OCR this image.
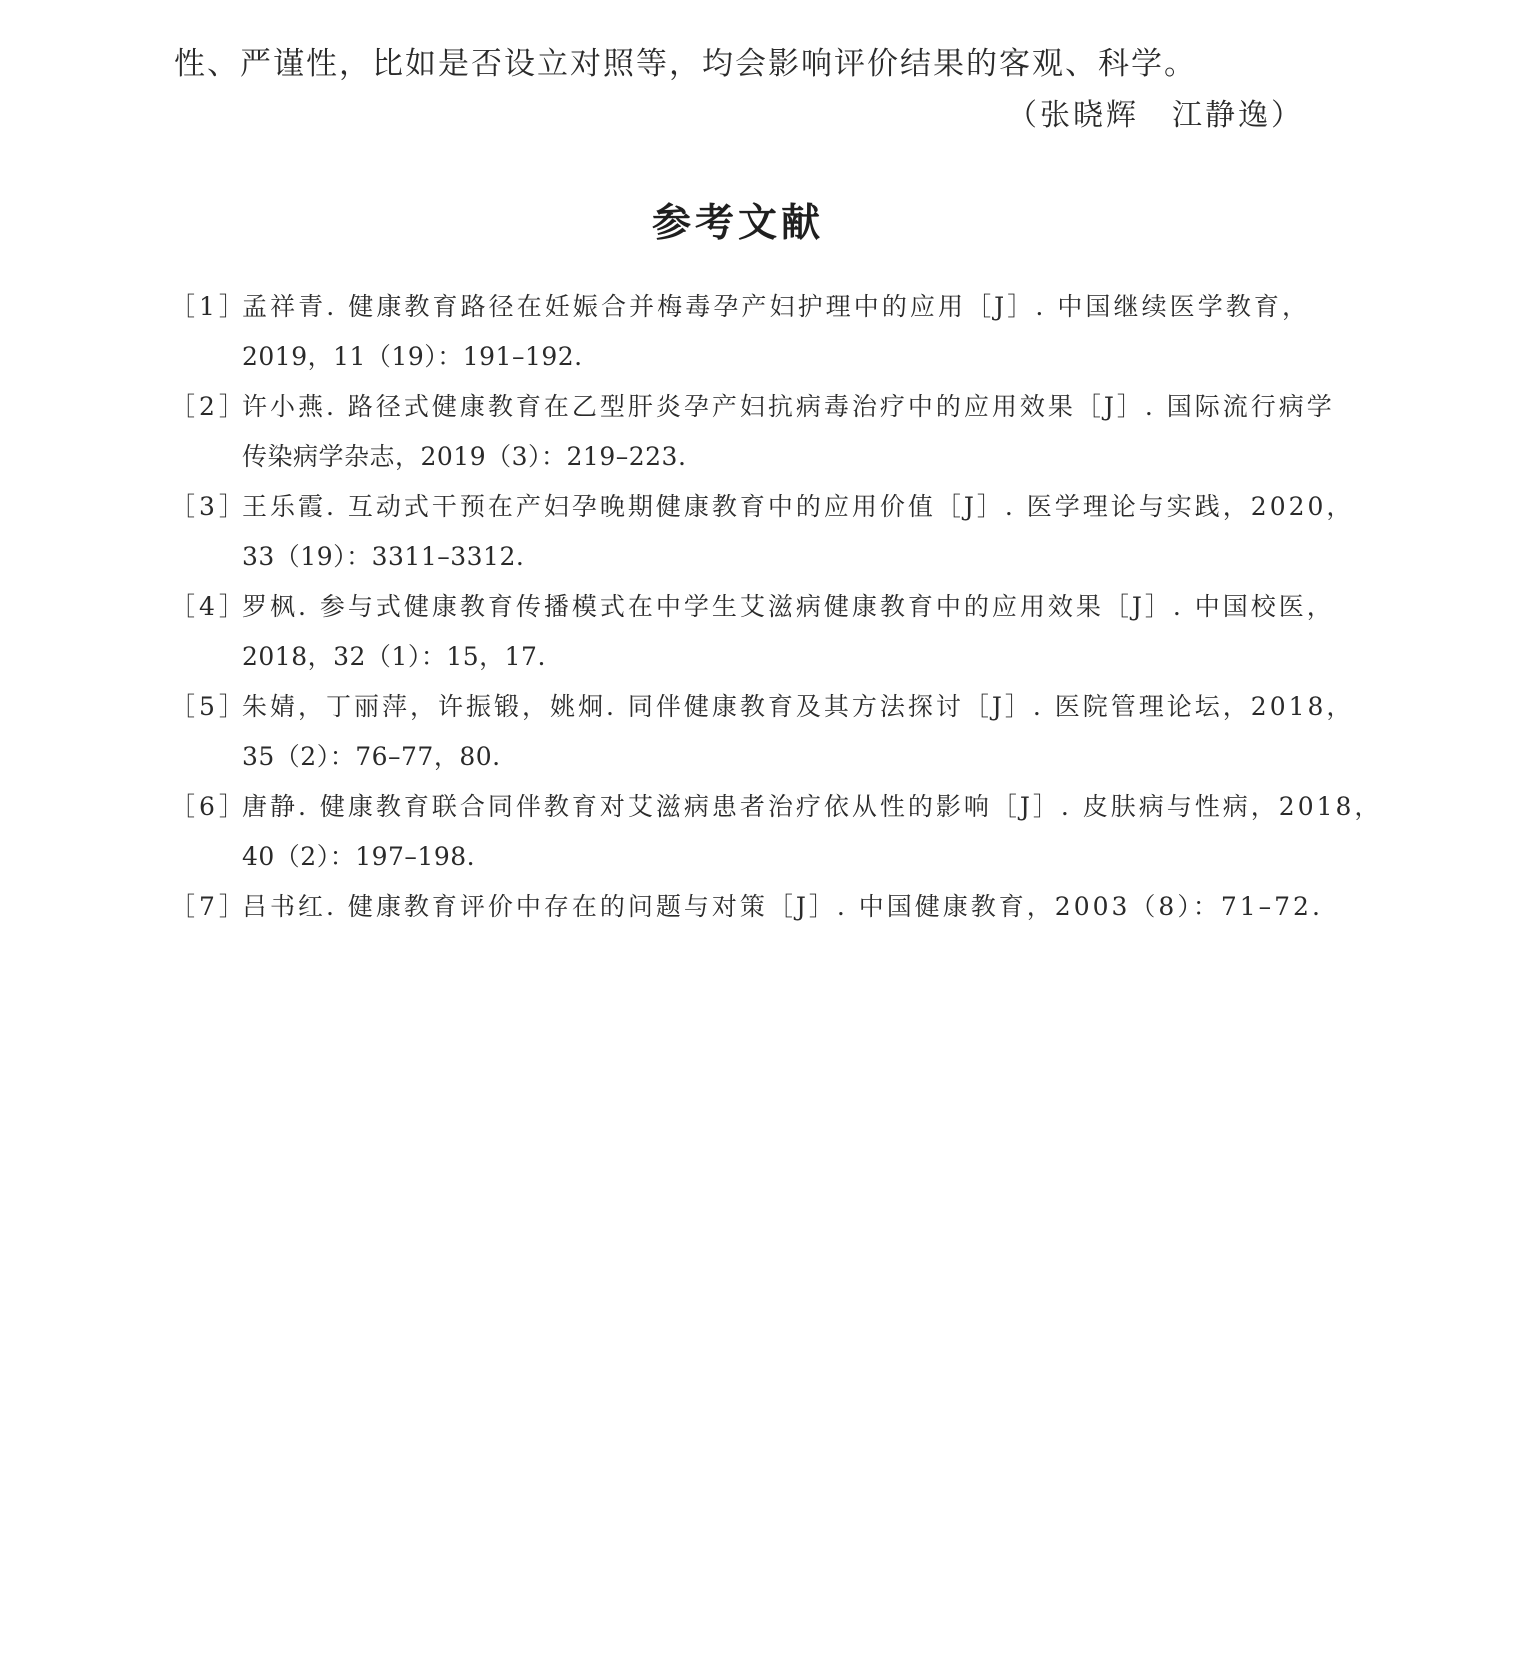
性、严谨性，比如是否设立对照等，均会影响评价结果的客观、科学。
（张晓辉　江静逸）
参考文献
［1］
孟祥青. 健康教育路径在妊娠合并梅毒孕产妇护理中的应用［J］. 中国继续医学教育，
2019，11（19）：191–192.
［2］
许小燕. 路径式健康教育在乙型肝炎孕产妇抗病毒治疗中的应用效果［J］. 国际流行病学
传染病学杂志，2019（3）：219–223.
［3］
王乐霞. 互动式干预在产妇孕晚期健康教育中的应用价值［J］. 医学理论与实践，2020，
33（19）：3311–3312.
［4］
罗枫. 参与式健康教育传播模式在中学生艾滋病健康教育中的应用效果［J］. 中国校医，
2018，32（1）：15，17.
［5］
朱婧，丁丽萍，许振锻，姚炯. 同伴健康教育及其方法探讨［J］. 医院管理论坛，2018，
35（2）：76–77，80.
［6］
唐静. 健康教育联合同伴教育对艾滋病患者治疗依从性的影响［J］. 皮肤病与性病，2018，
40（2）：197–198.
［7］
吕书红. 健康教育评价中存在的问题与对策［J］. 中国健康教育，2003（8）：71–72.
